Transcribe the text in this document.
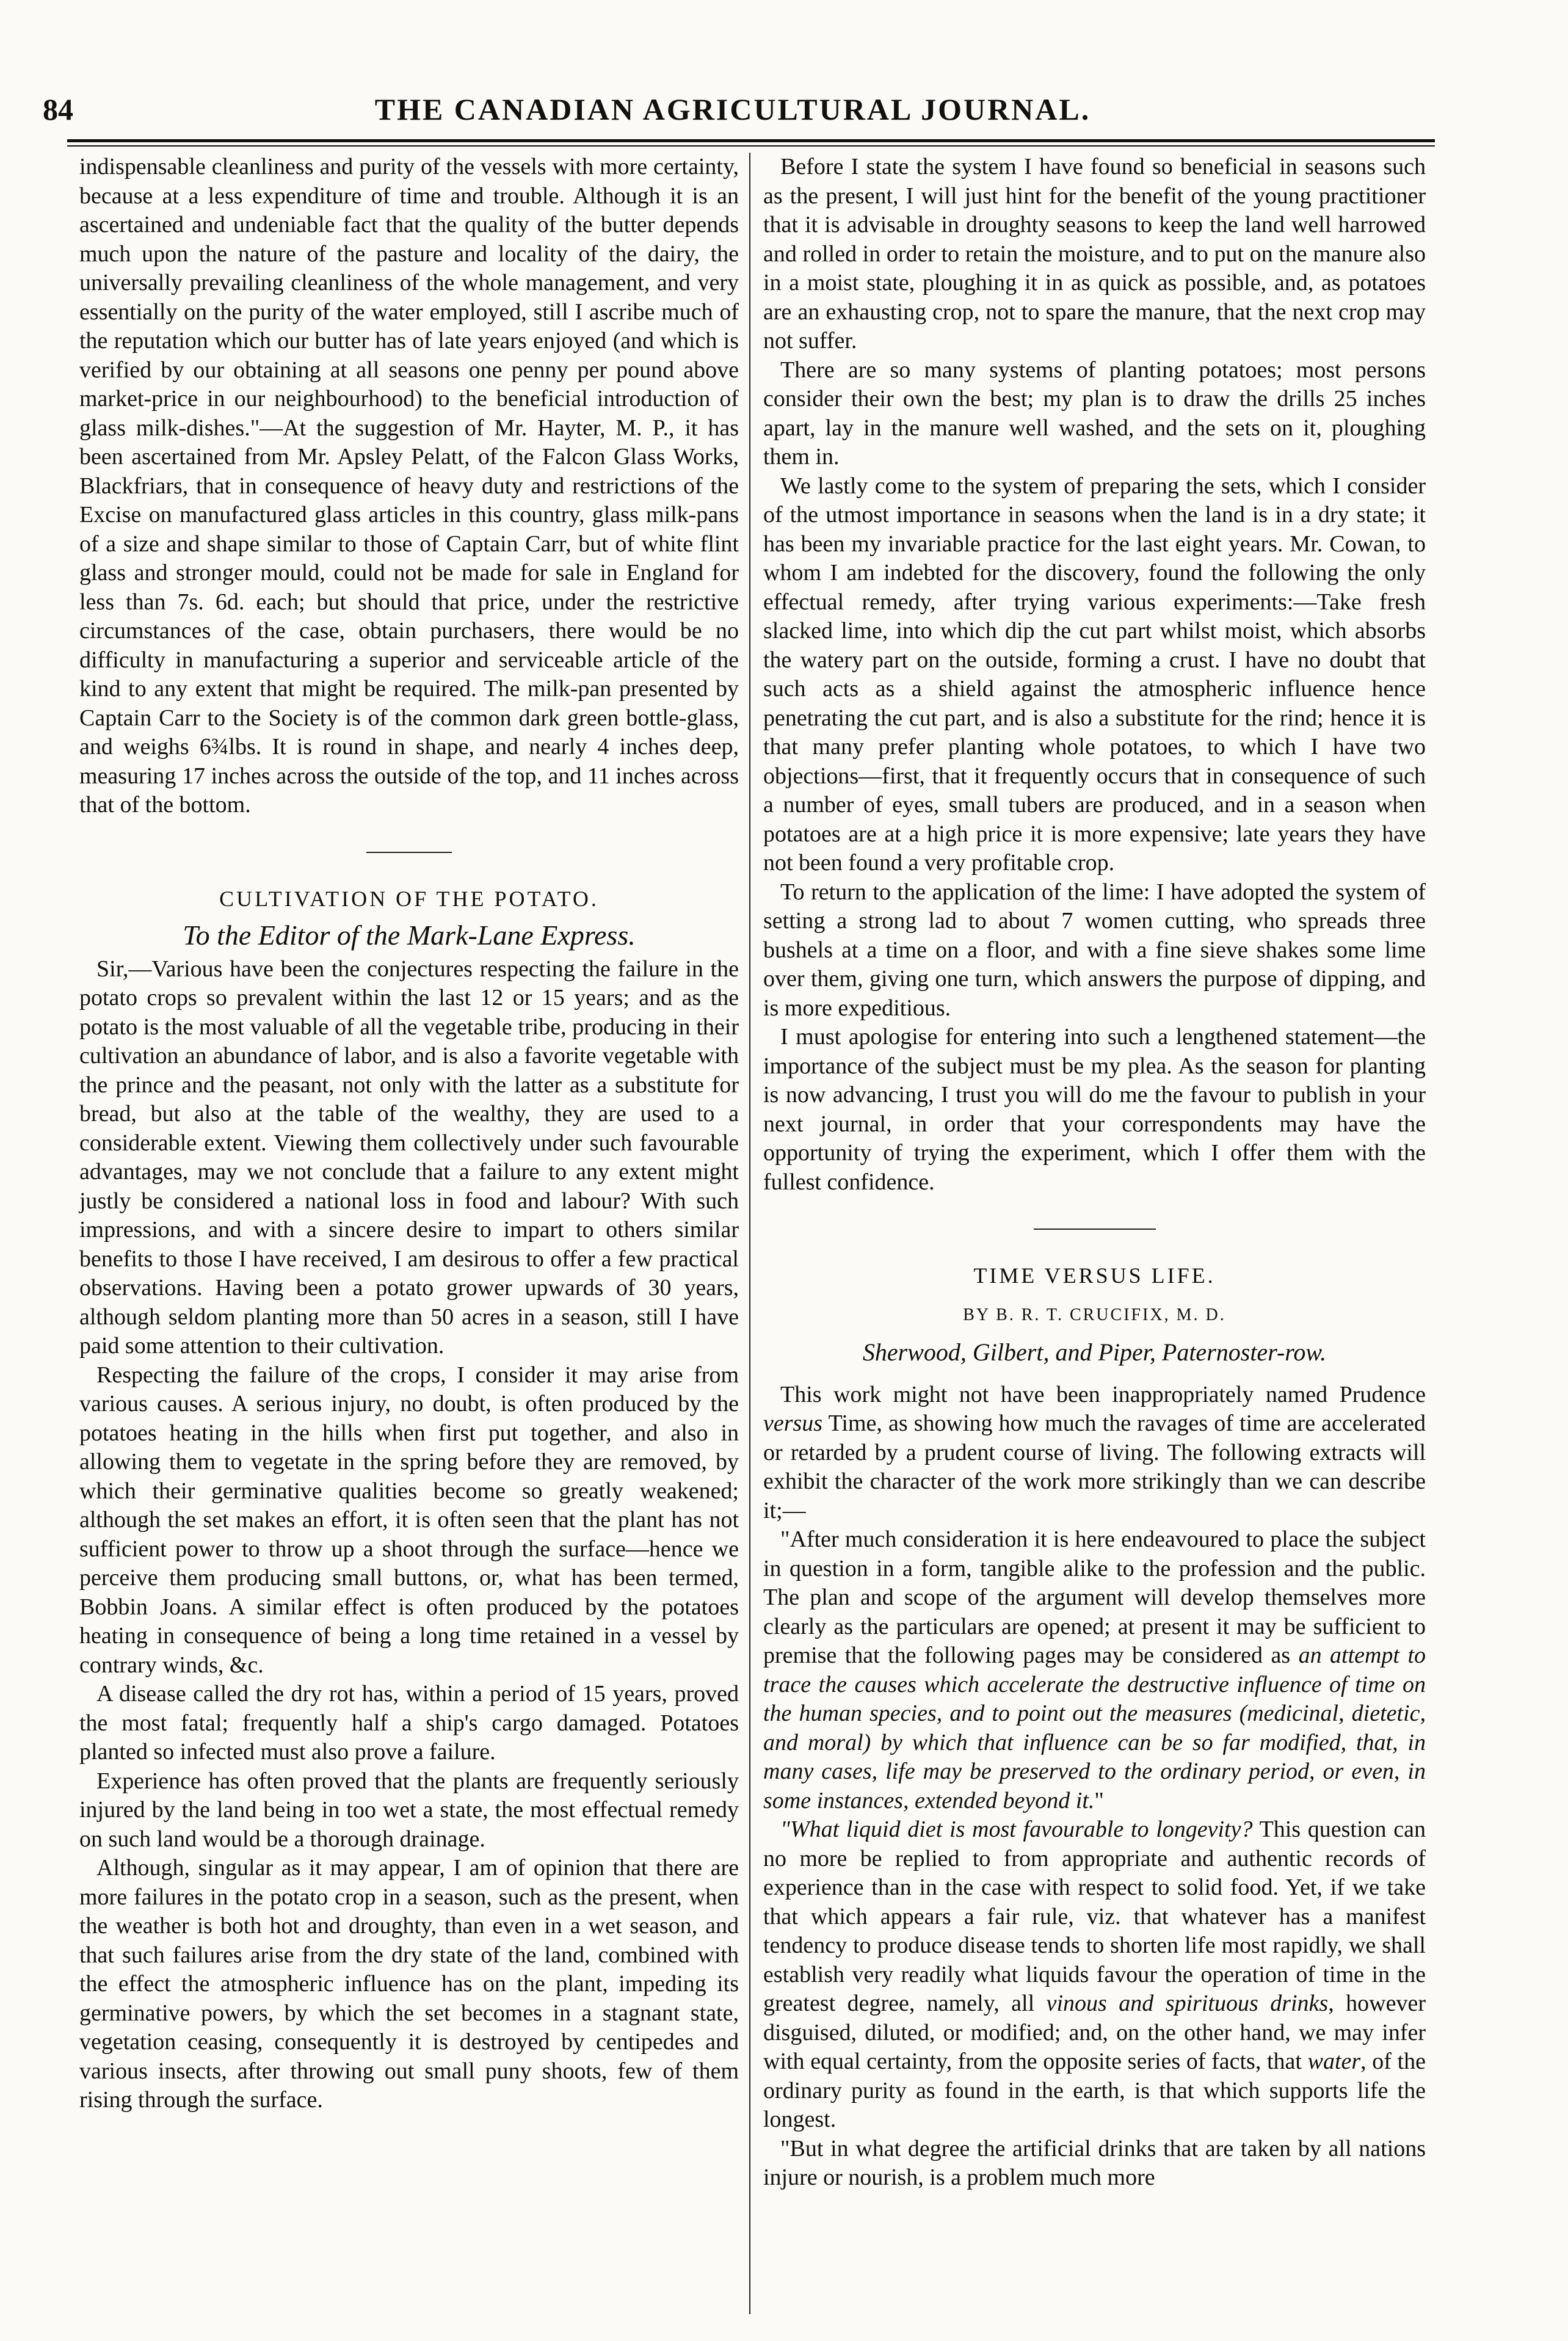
84	THE CANADIAN AGRICULTURAL JOURNAL.

indispensable cleanliness and purity of the vessels with more certainty, because at a less expenditure of time and trouble. Although it is an ascertained and undeniable fact that the quality of the butter depends much upon the nature of the pasture and locality of the dairy, the universally prevailing cleanliness of the whole management, and very essentially on the purity of the water employed, still I ascribe much of the reputation which our butter has of late years enjoyed (and which is verified by our obtaining at all seasons one penny per pound above market-price in our neighbourhood) to the beneficial introduction of glass milk-dishes."—At the suggestion of Mr. Hayter, M. P., it has been ascertained from Mr. Apsley Pelatt, of the Falcon Glass Works, Blackfriars, that in consequence of heavy duty and restrictions of the Excise on manufactured glass articles in this country, glass milk-pans of a size and shape similar to those of Captain Carr, but of white flint glass and stronger mould, could not be made for sale in England for less than 7s. 6d. each; but should that price, under the restrictive circumstances of the case, obtain purchasers, there would be no difficulty in manufacturing a superior and serviceable article of the kind to any extent that might be required. The milk-pan presented by Captain Carr to the Society is of the common dark green bottle-glass, and weighs 6¾lbs. It is round in shape, and nearly 4 inches deep, measuring 17 inches across the outside of the top, and 11 inches across that of the bottom.

CULTIVATION OF THE POTATO.
To the Editor of the Mark-Lane Express.

Sir,—Various have been the conjectures respecting the failure in the potato crops so prevalent within the last 12 or 15 years; and as the potato is the most valuable of all the vegetable tribe, producing in their cultivation an abundance of labor, and is also a favorite vegetable with the prince and the peasant, not only with the latter as a substitute for bread, but also at the table of the wealthy, they are used to a considerable extent. Viewing them collectively under such favourable advantages, may we not conclude that a failure to any extent might justly be considered a national loss in food and labour? With such impressions, and with a sincere desire to impart to others similar benefits to those I have received, I am desirous to offer a few practical observations. Having been a potato grower upwards of 30 years, although seldom planting more than 50 acres in a season, still I have paid some attention to their cultivation.

Respecting the failure of the crops, I consider it may arise from various causes. A serious injury, no doubt, is often produced by the potatoes heating in the hills when first put together, and also in allowing them to vegetate in the spring before they are removed, by which their germinative qualities become so greatly weakened; although the set makes an effort, it is often seen that the plant has not sufficient power to throw up a shoot through the surface—hence we perceive them producing small buttons, or, what has been termed, Bobbin Joans. A similar effect is often produced by the potatoes heating in consequence of being a long time retained in a vessel by contrary winds, &c.

A disease called the dry rot has, within a period of 15 years, proved the most fatal; frequently half a ship's cargo damaged. Potatoes planted so infected must also prove a failure.

Experience has often proved that the plants are frequently seriously injured by the land being in too wet a state, the most effectual remedy on such land would be a thorough drainage.

Although, singular as it may appear, I am of opinion that there are more failures in the potato crop in a season, such as the present, when the weather is both hot and droughty, than even in a wet season, and that such failures arise from the dry state of the land, combined with the effect the atmospheric influence has on the plant, impeding its germinative powers, by which the set becomes in a stagnant state, vegetation ceasing, consequently it is destroyed by centipedes and various insects, after throwing out small puny shoots, few of them rising through the surface.

Before I state the system I have found so beneficial in seasons such as the present, I will just hint for the benefit of the young practitioner that it is advisable in droughty seasons to keep the land well harrowed and rolled in order to retain the moisture, and to put on the manure also in a moist state, ploughing it in as quick as possible, and, as potatoes are an exhausting crop, not to spare the manure, that the next crop may not suffer.

There are so many systems of planting potatoes; most persons consider their own the best; my plan is to draw the drills 25 inches apart, lay in the manure well washed, and the sets on it, ploughing them in.

We lastly come to the system of preparing the sets, which I consider of the utmost importance in seasons when the land is in a dry state; it has been my invariable practice for the last eight years. Mr. Cowan, to whom I am indebted for the discovery, found the following the only effectual remedy, after trying various experiments:—Take fresh slacked lime, into which dip the cut part whilst moist, which absorbs the watery part on the outside, forming a crust. I have no doubt that such acts as a shield against the atmospheric influence hence penetrating the cut part, and is also a substitute for the rind; hence it is that many prefer planting whole potatoes, to which I have two objections—first, that it frequently occurs that in consequence of such a number of eyes, small tubers are produced, and in a season when potatoes are at a high price it is more expensive; late years they have not been found a very profitable crop.

To return to the application of the lime: I have adopted the system of setting a strong lad to about 7 women cutting, who spreads three bushels at a time on a floor, and with a fine sieve shakes some lime over them, giving one turn, which answers the purpose of dipping, and is more expeditious.

I must apologise for entering into such a lengthened statement—the importance of the subject must be my plea. As the season for planting is now advancing, I trust you will do me the favour to publish in your next journal, in order that your correspondents may have the opportunity of trying the experiment, which I offer them with the fullest confidence.

TIME VERSUS LIFE.
BY B. R. T. CRUCIFIX, M. D.
Sherwood, Gilbert, and Piper, Paternoster-row.

This work might not have been inappropriately named Prudence versus Time, as showing how much the ravages of time are accelerated or retarded by a prudent course of living. The following extracts will exhibit the character of the work more strikingly than we can describe it;—

"After much consideration it is here endeavoured to place the subject in question in a form, tangible alike to the profession and the public. The plan and scope of the argument will develop themselves more clearly as the particulars are opened; at present it may be sufficient to premise that the following pages may be considered as an attempt to trace the causes which accelerate the destructive influence of time on the human species, and to point out the measures (medicinal, dietetic, and moral) by which that influence can be so far modified, that, in many cases, life may be preserved to the ordinary period, or even, in some instances, extended beyond it."

"What liquid diet is most favourable to longevity? This question can no more be replied to from appropriate and authentic records of experience than in the case with respect to solid food. Yet, if we take that which appears a fair rule, viz. that whatever has a manifest tendency to produce disease tends to shorten life most rapidly, we shall establish very readily what liquids favour the operation of time in the greatest degree, namely, all vinous and spirituous drinks, however disguised, diluted, or modified; and, on the other hand, we may infer with equal certainty, from the opposite series of facts, that water, of the ordinary purity as found in the earth, is that which supports life the longest.

"But in what degree the artificial drinks that are taken by all nations injure or nourish, is a problem much more
